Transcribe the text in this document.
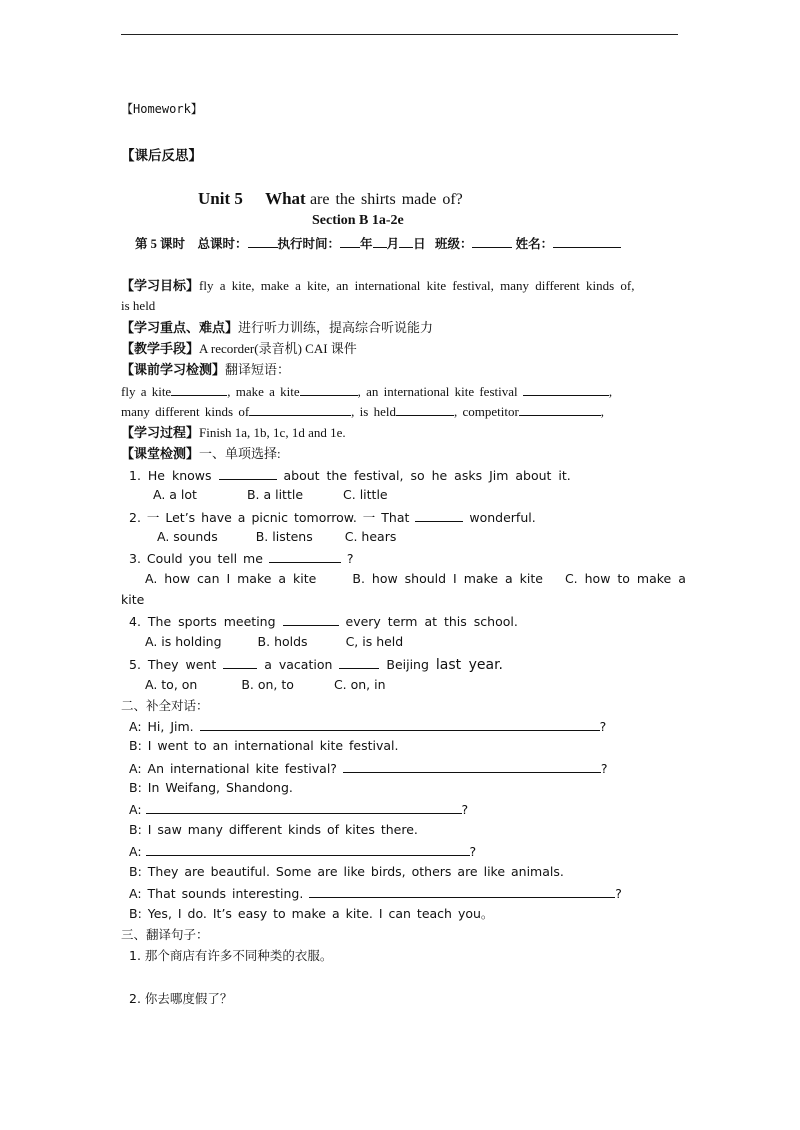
【Homework】
【课后反思】
Unit 5 What are the shirts made of?
Section B 1a-2e
第 5 课时 总课时： 执行时间： 年 月 日 班级：	姓名：
【学习目标】fly a kite, make a kite, an international kite festival, many different kinds of,
is held
【学习重点、难点】进行听力训练，提高综合听说能力
【教学手段】A recorder(录音机) CAI 课件
【课前学习检测】翻译短语：
fly a kite	, make a kite	, an international kite festival	,
many different kinds of	, is held	, competitor	,
【学习过程】Finish 1a, 1b, 1c, 1d and 1e.
【课堂检测】一、单项选择:
1. He knows	about the festival, so he asks Jim about it.
A. a lot	B. a little	C. little
2. 一 Let’s have a picnic tomorrow. 一 That	wonderful.
A. sounds	B. listens	C. hears
3. Could you tell me	?
A. how can I make a kite	B. how should I make a kite C. how to make a
kite
4. The sports meeting	every term at this school.
A. is holding	B. holds	C, is held
5. They went	a vacation	Beijing last year.
A. to, on	B. on, to	C. on, in
二、补全对话：
A: Hi, Jim.	?
B: I went to an international kite festival.
A: An international kite festival?	?
B: In Weifang, Shandong.
A:	?
B: I saw many different kinds of kites there.
A:	?
B: They are beautiful. Some are like birds, others are like animals.
A: That sounds interesting.	?
B: Yes, I do. It’s easy to make a kite. I can teach you。
三、翻译句子：
1. 那个商店有许多不同种类的衣服。
2. 你去哪度假了？
